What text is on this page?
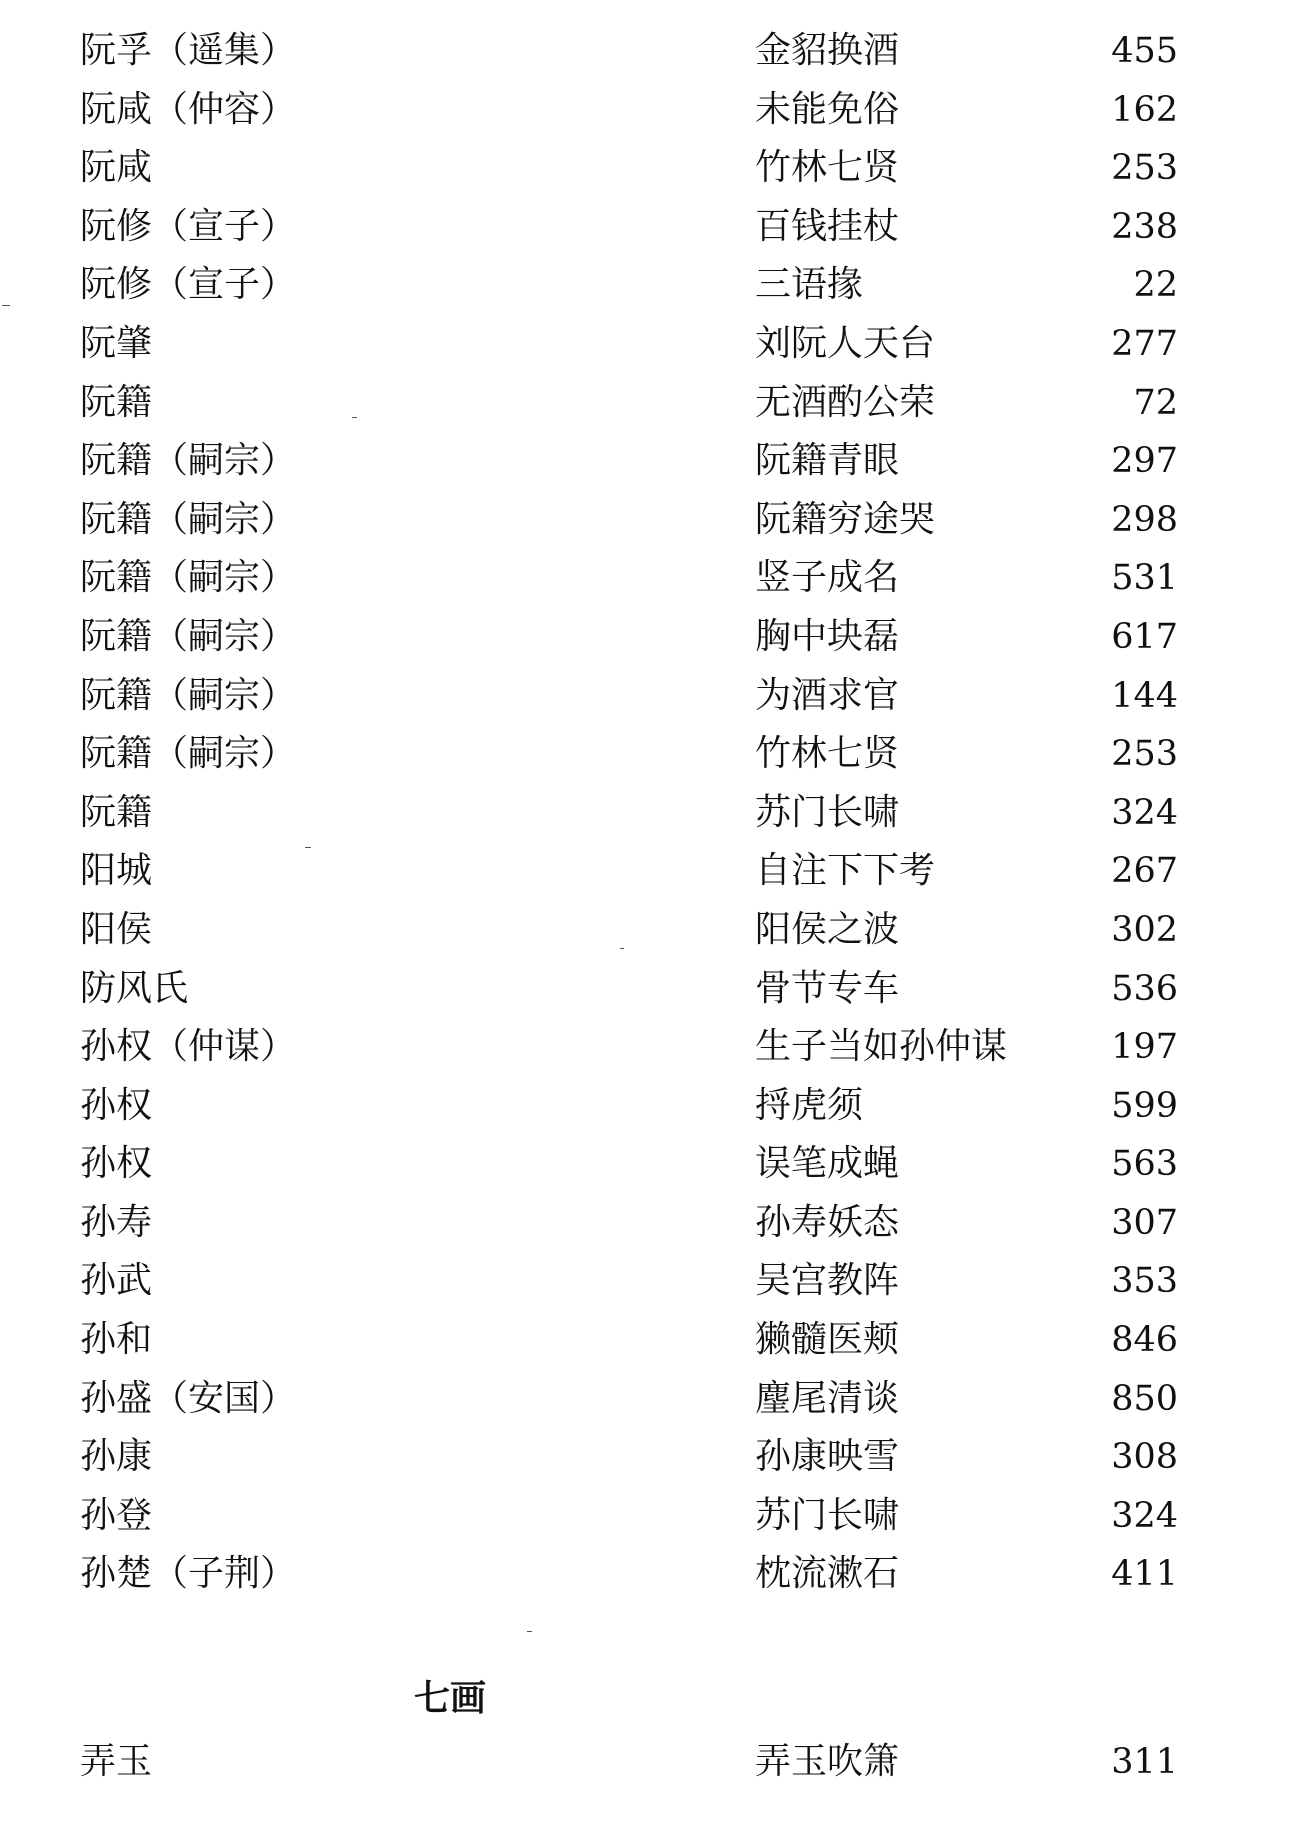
阮孚（遥集）	金貂换酒	455
阮咸（仲容）	未能免俗	162
阮咸	竹林七贤	253
阮修（宣子）	百钱挂杖	238
阮修（宣子）	三语掾	22
阮肇	刘阮人天台	277
阮籍	无酒酌公荣	72
阮籍（嗣宗）	阮籍青眼	297
阮籍（嗣宗）	阮籍穷途哭	298
阮籍（嗣宗）	竖子成名	531
阮籍（嗣宗）	胸中块磊	617
阮籍（嗣宗）	为酒求官	144
阮籍（嗣宗）	竹林七贤	253
阮籍	苏门长啸	324
阳城	自注下下考	267
阳侯	阳侯之波	302
防风氏	骨节专车	536
孙权（仲谋）	生子当如孙仲谋	197
孙权	捋虎须	599
孙权	误笔成蝇	563
孙寿	孙寿妖态	307
孙武	吴宫教阵	353
孙和	獭髓医颊	846
孙盛（安国）	麈尾清谈	850
孙康	孙康映雪	308
孙登	苏门长啸	324
孙楚（子荆）	枕流漱石	411
七画
弄玉	弄玉吹箫	311
